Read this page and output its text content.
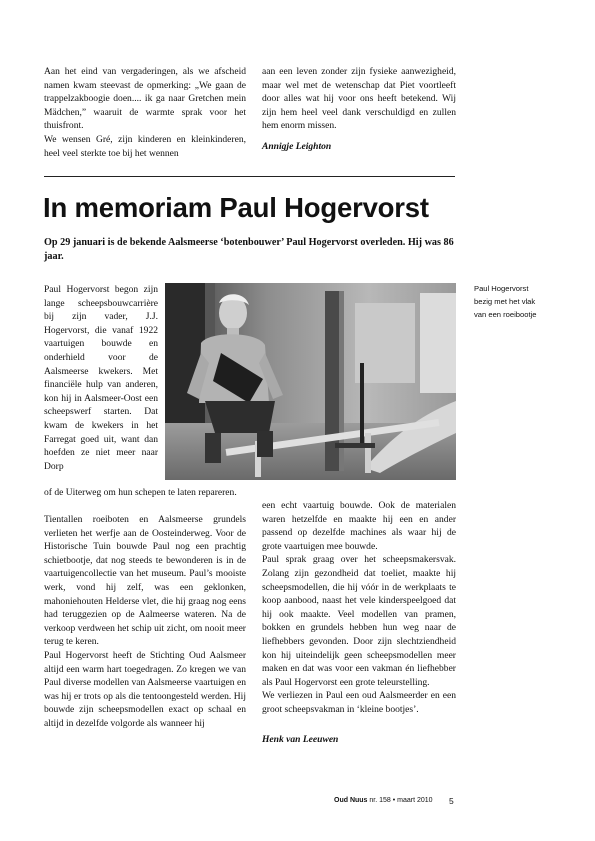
Aan het eind van vergaderingen, als we afscheid namen kwam steevast de opmerking: „We gaan de trappelzakboogie doen.... ik ga naar Gretchen mein Mädchen,” waaruit de warmte sprak voor het thuisfront.

We wensen Gré, zijn kinderen en kleinkinderen, heel veel sterkte toe bij het wennen

aan een leven zonder zijn fysieke aanwezigheid, maar wel met de wetenschap dat Piet voortleeft door alles wat hij voor ons heeft betekend. Wij zijn hem heel veel dank verschuldigd en zullen hem enorm missen.

Annigje Leighton

In memoriam Paul Hogervorst
Op 29 januari is de bekende Aalsmeerse ‘botenbouwer’ Paul Hogervorst overleden. Hij was 86 jaar.
Paul Hogervorst begon zijn lange scheepsbouwcarrière bij zijn vader, J.J. Hogervorst, die vanaf 1922 vaartuigen bouwde en onderhield voor de Aalsmeerse kwekers. Met financiële hulp van anderen, kon hij in Aalsmeer-Oost een scheepswerf starten. Dat kwam de kwekers in het Farregat goed uit, want dan hoefden ze niet meer naar Dorp
Paul Hogervorst
bezig met het vlak
van een roeibootje
of de Uiterweg om hun schepen te laten repareren.

Tientallen roeiboten en Aalsmeerse grundels verlieten het werfje aan de Oosteinderweg. Voor de Historische Tuin bouwde Paul nog een prachtig schietbootje, dat nog steeds te bewonderen is in de vaartuigencollectie van het museum. Paul’s mooiste werk, vond hij zelf, was een geklonken, mahoniehouten Helderse vlet, die hij graag nog eens had teruggezien op de Aalmeerse wateren. Na de verkoop verdween het schip uit zicht, om nooit meer terug te keren.

Paul Hogervorst heeft de Stichting Oud Aalsmeer altijd een warm hart toegedragen. Zo kregen we van Paul diverse modellen van Aalsmeerse vaartuigen en was hij er trots op als die tentoongesteld werden. Hij bouwde zijn scheepsmodellen exact op schaal en altijd in dezelfde volgorde als wanneer hij

een echt vaartuig bouwde. Ook de materialen waren hetzelfde en maakte hij een en ander passend op dezelfde machines als waar hij de grote vaartuigen mee bouwde.

Paul sprak graag over het scheepsmakersvak. Zolang zijn gezondheid dat toeliet, maakte hij scheepsmodellen, die hij vóór in de werkplaats te koop aanbood, naast het vele kinderspeelgoed dat hij ook maakte. Veel modellen van pramen, bokken en grundels hebben hun weg naar de liefhebbers gevonden. Door zijn slechtziendheid kon hij uiteindelijk geen scheepsmodellen meer maken en dat was voor een vakman én liefhebber als Paul Hogervorst een grote teleurstelling.

We verliezen in Paul een oud Aalsmeerder en een groot scheepsvakman in ‘kleine bootjes’.

Henk van Leeuwen

Oud Nuus nr. 158 • maart 2010 5
